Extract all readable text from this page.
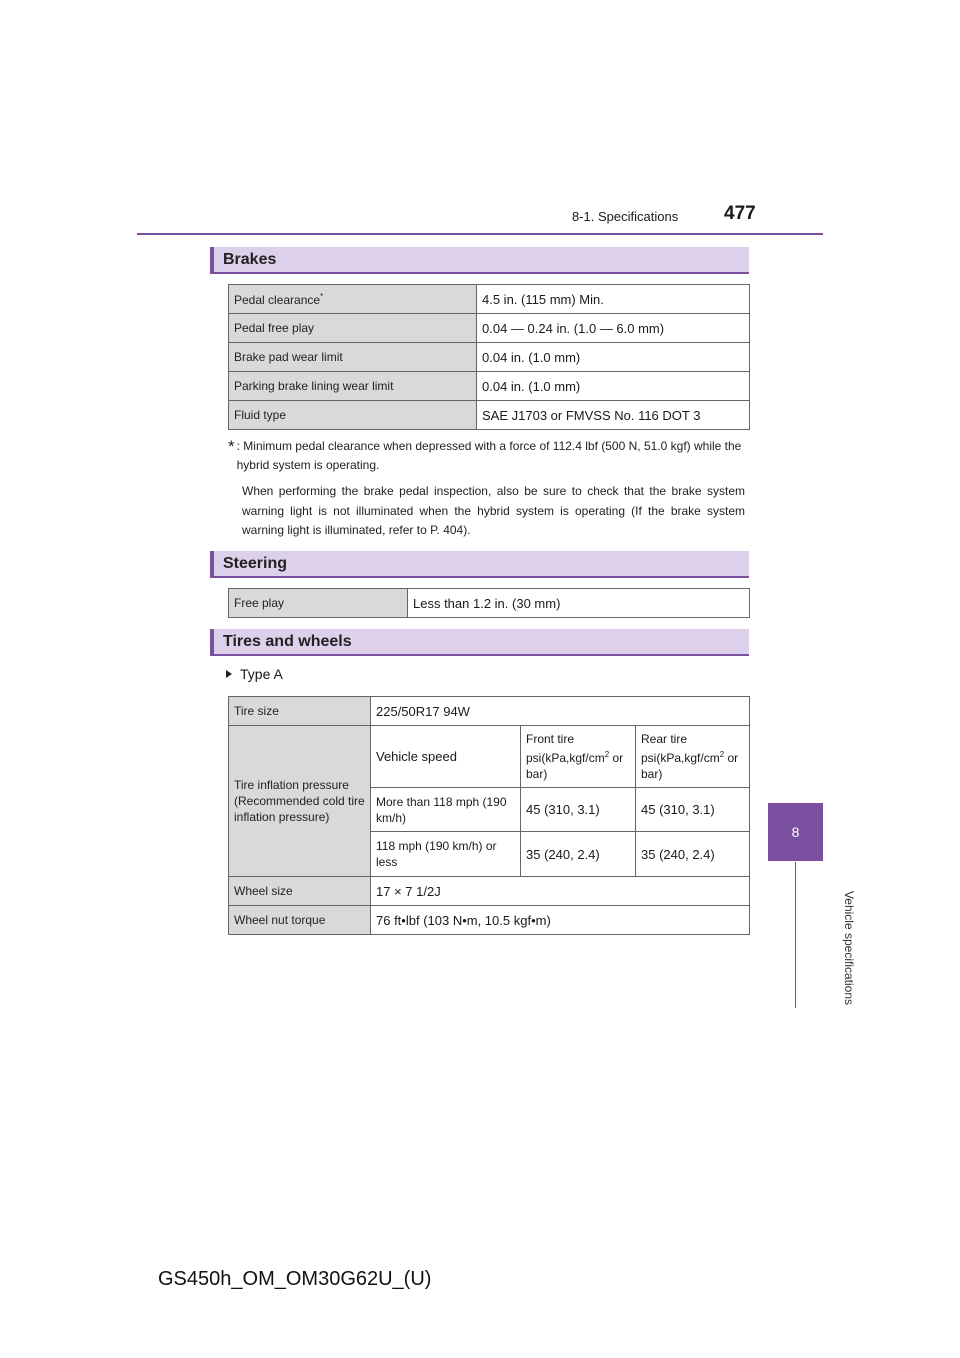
8-1. Specifications 477
8
Vehicle specifications
Brakes
Pedal clearance*	4.5 in. (115 mm) Min.
Pedal free play	0.04 — 0.24 in. (1.0 — 6.0 mm)
Brake pad wear limit	0.04 in. (1.0 mm)
Parking brake lining wear limit	0.04 in. (1.0 mm)
Fluid type	SAE J1703 or FMVSS No. 116 DOT 3
* : Minimum pedal clearance when depressed with a force of 112.4 lbf (500 N, 51.0 kgf) while the hybrid system is operating.
When performing the brake pedal inspection, also be sure to check that the brake system warning light is not illuminated when the hybrid system is operating (If the brake system warning light is illuminated, refer to P. 404).
Steering
Free play	Less than 1.2 in. (30 mm)
Tires and wheels
Type A
Tire size	225/50R17 94W		
Tire inflation pressure (Recommended cold tire inflation pressure)	Vehicle speed	Front tire $psi(kPa,kgf/cm^2$ or bar)	Rear tire $psi(kPa,kgf/cm^2$ or bar)
	More than 118 mph (190 km/h)	45 (310, 3.1)	45 (310, 3.1)
	118 mph (190 km/h) or less	35 (240, 2.4)	35 (240, 2.4)
Wheel size	17 × 7 1/2J		
Wheel nut torque	76 ft•lbf (103 N•m, 10.5 kgf•m)		
GS450h_OM_OM30G62U_(U)
